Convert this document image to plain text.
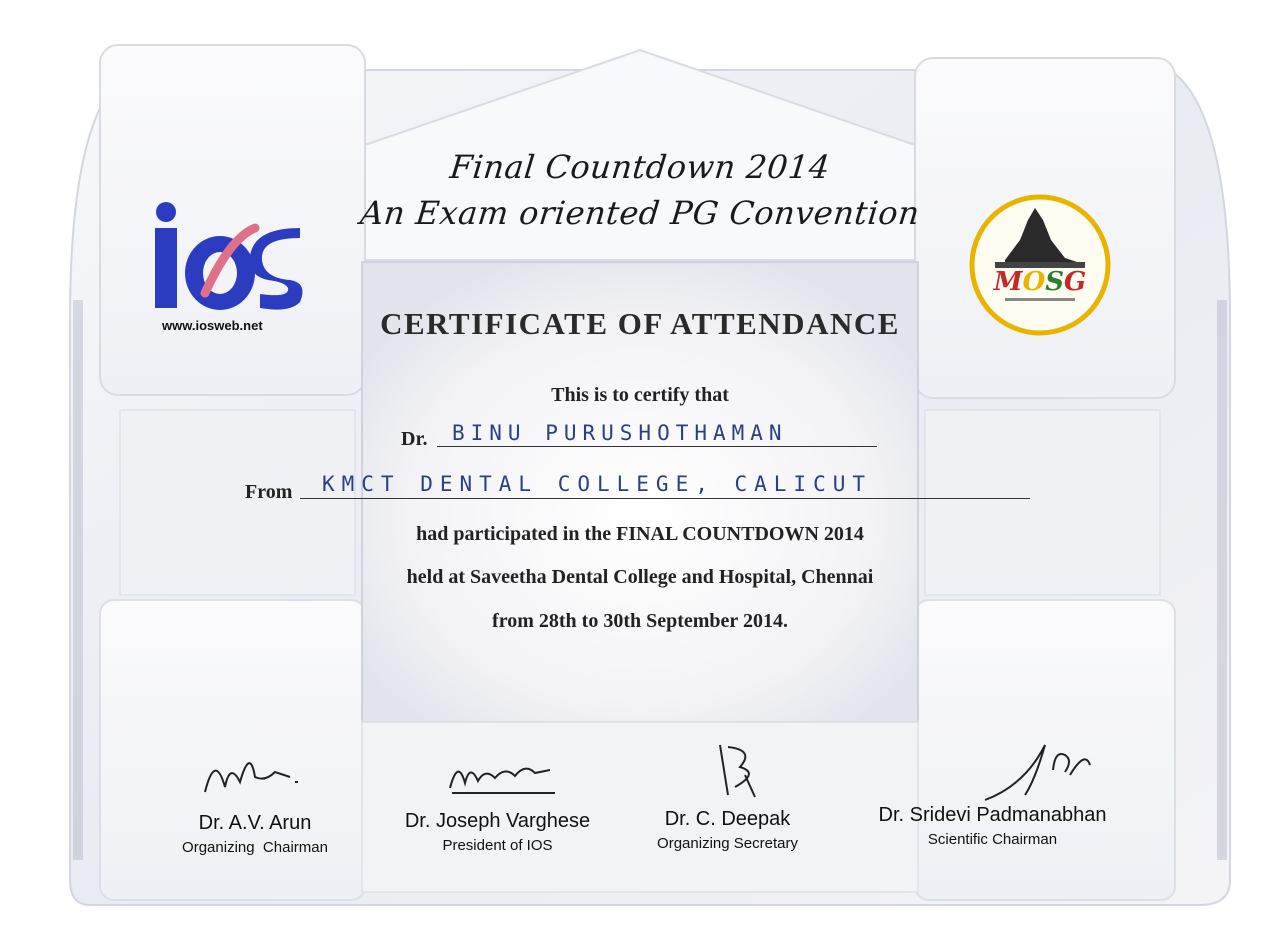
www.iosweb.net
MOSG
Final Countdown 2014
An Exam oriented PG Convention
CERTIFICATE OF ATTENDANCE
This is to certify that
Dr. BINU PURUSHOTHAMAN
From KMCT DENTAL COLLEGE, CALICUT
had participated in the FINAL COUNTDOWN 2014
held at Saveetha Dental College and Hospital, Chennai
from 28th to 30th September 2014.
Dr. A.V. Arun
Organizing  Chairman
Dr. Joseph Varghese
President of IOS
Dr. C. Deepak
Organizing Secretary
Dr. Sridevi Padmanabhan
Scientific Chairman
